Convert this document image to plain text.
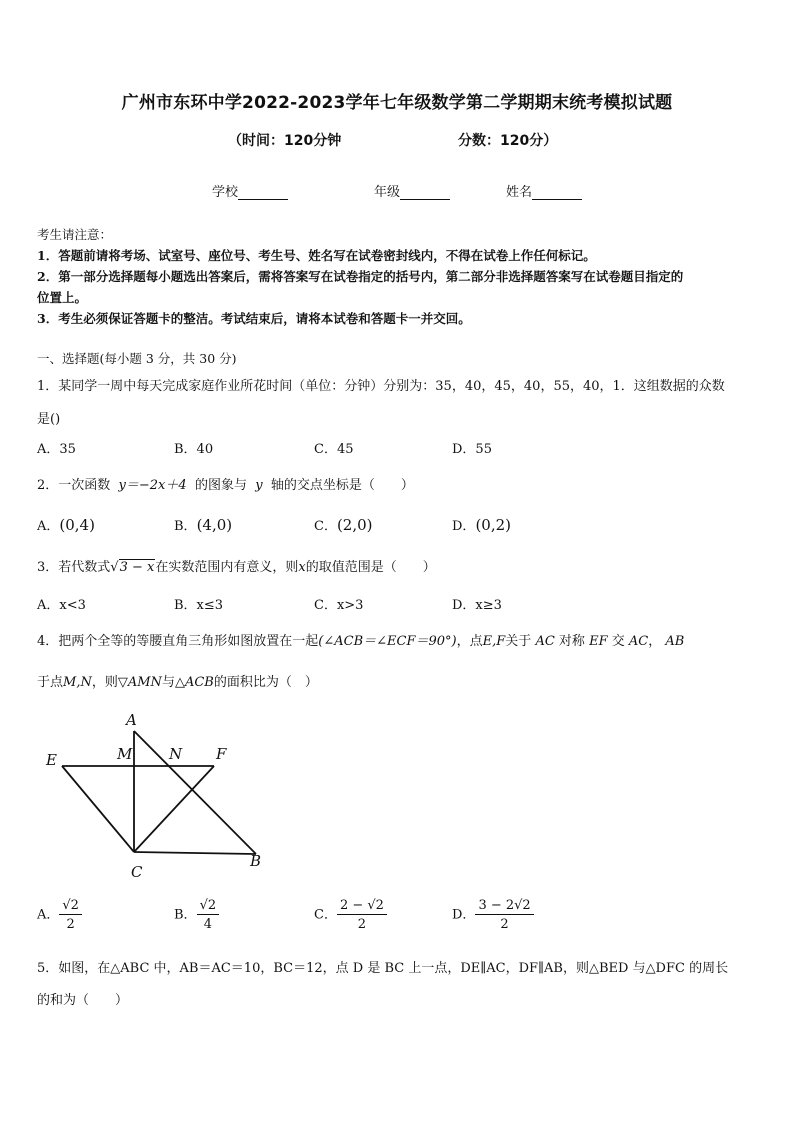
广州市东环中学2022-2023学年七年级数学第二学期期末统考模拟试题
（时间：120分钟	分数：120分）
学校	年级	姓名
考生请注意：
1．答题前请将考场、试室号、座位号、考生号、姓名写在试卷密封线内，不得在试卷上作任何标记。
2．第一部分选择题每小题选出答案后，需将答案写在试卷指定的括号内，第二部分非选择题答案写在试卷题目指定的
位置上。
3．考生必须保证答题卡的整洁。考试结束后，请将本试卷和答题卡一并交回。
一、选择题(每小题 3 分，共 30 分)
1．某同学一周中每天完成家庭作业所花时间（单位：分钟）分别为：35，40，45，40，55，40，1．这组数据的众数
是()
A．35	B．40	C．45	D．55
2．一次函数 y＝−2x＋4 的图象与 y 轴的交点坐标是（　　）
A．(0,4)	B．(4,0)	C．(2,0)	D．(0,2)
3．若代数式√3 − x在实数范围内有意义，则x的取值范围是（　　）
A．x<3	B．x≤3	C．x>3	D．x≥3
4．把两个全等的等腰直角三角形如图放置在一起(∠ACB＝∠ECF＝90°)，点E,F关于 AC 对称 EF 交 AC， AB
于点M,N，则▽AMN与△ACB的面积比为（　）
A
M N F
E
C
B
A． $\frac{√2}{2}$	B． $\frac{√2}{4}$	C． $\frac{2 - √2}{2}$	D． $\frac{3 - 2√2}{2}$
5．如图，在△ABC 中，AB＝AC＝10，BC＝12，点 D 是 BC 上一点，DE∥AC，DF∥AB，则△BED 与△DFC 的周长
的和为（　　）
